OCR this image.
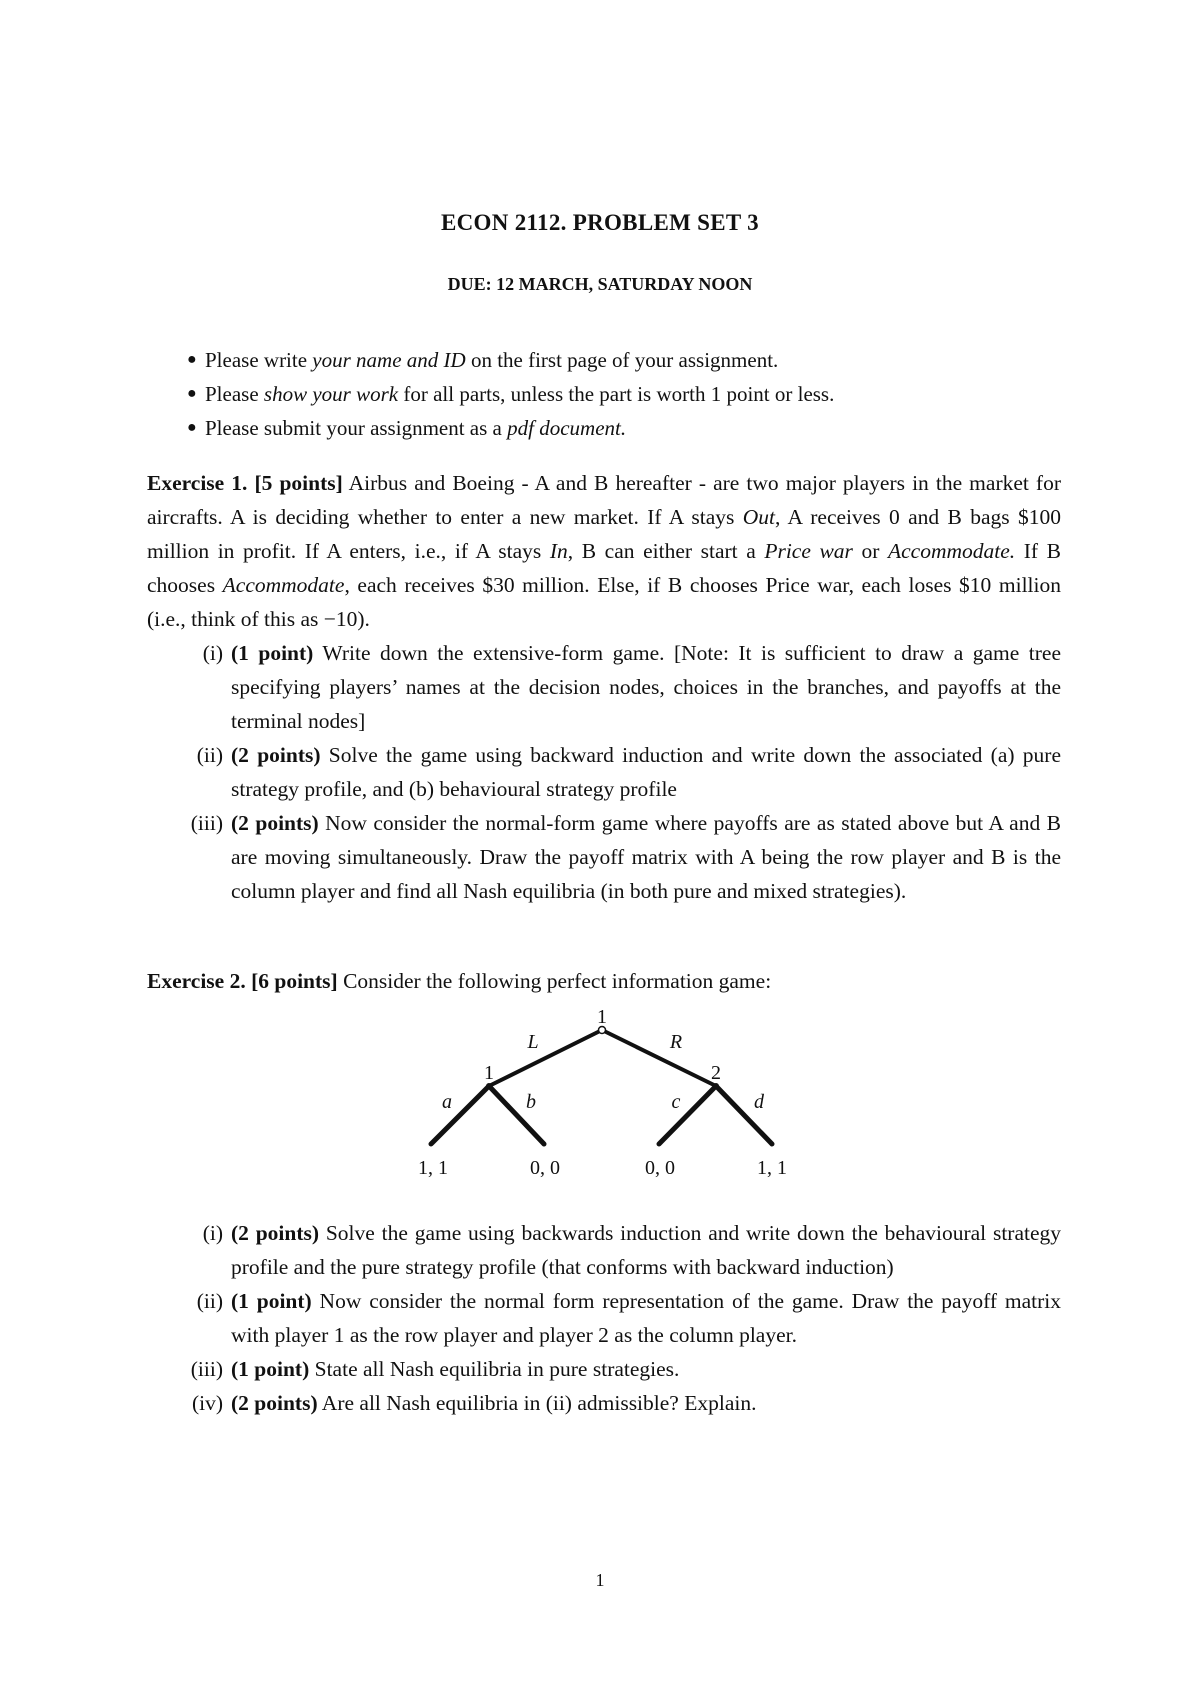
ECON 2112. PROBLEM SET 3
DUE: 12 MARCH, SATURDAY NOON
● Please write your name and ID on the first page of your assignment.
● Please show your work for all parts, unless the part is worth 1 point or less.
● Please submit your assignment as a pdf document.

Exercise 1. [5 points] Airbus and Boeing - A and B hereafter - are two major players in the market for aircrafts. A is deciding whether to enter a new market. If A stays Out, A receives 0 and B bags $100 million in profit. If A enters, i.e., if A stays In, B can either start a Price war or Accommodate. If B chooses Accommodate, each receives $30 million. Else, if B chooses Price war, each loses $10 million (i.e., think of this as −10).

(i) (1 point) Write down the extensive-form game. [Note: It is sufficient to draw a game tree specifying players’ names at the decision nodes, choices in the branches, and payoffs at the terminal nodes]
(ii) (2 points) Solve the game using backward induction and write down the associated (a) pure strategy profile, and (b) behavioural strategy profile
(iii) (2 points) Now consider the normal-form game where payoffs are as stated above but A and B are moving simultaneously. Draw the payoff matrix with A being the row player and B is the column player and find all Nash equilibria (in both pure and mixed strategies).

Exercise 2. [6 points] Consider the following perfect information game:

1
L	R
1	2
a	b	c	d
1, 1	0, 0	0, 0	1, 1
(i) (2 points) Solve the game using backwards induction and write down the behavioural strategy profile and the pure strategy profile (that conforms with backward induction)
(ii) (1 point) Now consider the normal form representation of the game. Draw the payoff matrix with player 1 as the row player and player 2 as the column player.
(iii) (1 point) State all Nash equilibria in pure strategies.
(iv) (2 points) Are all Nash equilibria in (ii) admissible? Explain.
1
